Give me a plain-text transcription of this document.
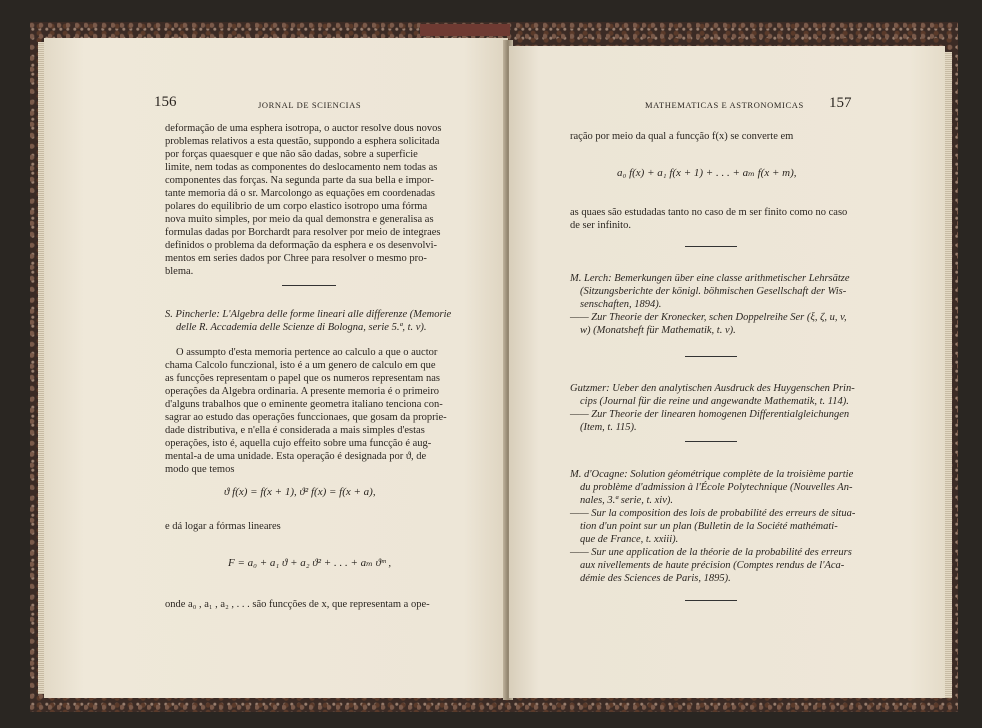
156	JORNAL DE SCIENCIAS
deformação de uma esphera isotropa, o auctor resolve dous novos
problemas relativos a esta questão, suppondo a esphera solicitada
por forças quaesquer e que não são dadas, sobre a superficie
limite, nem todas as componentes do deslocamento nem todas as
componentes das forças. Na segunda parte da sua bella e impor-
tante memoria dá o sr. Marcolongo as equações em coordenadas
polares do equilibrio de um corpo elastico isotropo uma fórma
nova muito simples, por meio da qual demonstra e generalisa as
formulas dadas por Borchardt para resolver por meio de integraes
definidos o problema da deformação da esphera e os desenvolvi-
mentos em series dados por Chree para resolver o mesmo pro-
blema.
S. Pincherle: L'Algebra delle forme lineari alle differenze (Memorie
delle R. Accademia delle Scienze di Bologna, serie 5.ª, t. v).
O assumpto d'esta memoria pertence ao calculo a que o auctor
chama Calcolo funczional, isto é a um genero de calculo em que
as funcções representam o papel que os numeros representam nas
operações da Algebra ordinaria. A presente memoria é o primeiro
d'alguns trabalhos que o eminente geometra italiano tenciona con-
sagrar ao estudo das operações funccionaes, que gosam da proprie-
dade distributiva, e n'ella é considerada a mais simples d'estas
operações, isto é, aquella cujo effeito sobre uma funcção é aug-
mental-a de uma unidade. Esta operação é designada por ϑ, de
modo que temos
ϑ f(x) = f(x + 1), ϑ² f(x) = f(x + a),
e dá logar a fórmas lineares
F = a₀ + a₁ ϑ + a₂ ϑ² + . . . + aₘ ϑᵐ ,
onde a₀ , a₁ , a₂ , . . . são funcções de x, que representam a ope-
MATHEMATICAS E ASTRONOMICAS 157
ração por meio da qual a funcção f(x) se converte em
a₀ f(x) + a₁ f(x + 1) + . . . + aₘ f(x + m),
as quaes são estudadas tanto no caso de m ser finito como no caso
de ser infinito.
M. Lerch: Bemerkungen über eine classe arithmetischer Lehrsätze
(Sitzungsberichte der königl. böhmischen Gesellschaft der Wis-
senschaften, 1894).
—— Zur Theorie der Kronecker, schen Doppelreihe Ser (ξ, ζ, u, v,
w) (Monatsheft für Mathematik, t. v).
Gutzmer: Ueber den analytischen Ausdruck des Huygenschen Prin-
cips (Journal für die reine und angewandte Mathematik, t. 114).
—— Zur Theorie der linearen homogenen Differentialgleichungen
(Item, t. 115).
M. d'Ocagne: Solution géométrique complète de la troisième partie
du problème d'admission à l'École Polytechnique (Nouvelles An-
nales, 3.ª serie, t. xiv).
—— Sur la composition des lois de probabilité des erreurs de situa-
tion d'un point sur un plan (Bulletin de la Société mathémati-
que de France, t. xxiii).
—— Sur une application de la théorie de la probabilité des erreurs
aux nivellements de haute précision (Comptes rendus de l'Aca-
démie des Sciences de Paris, 1895).
